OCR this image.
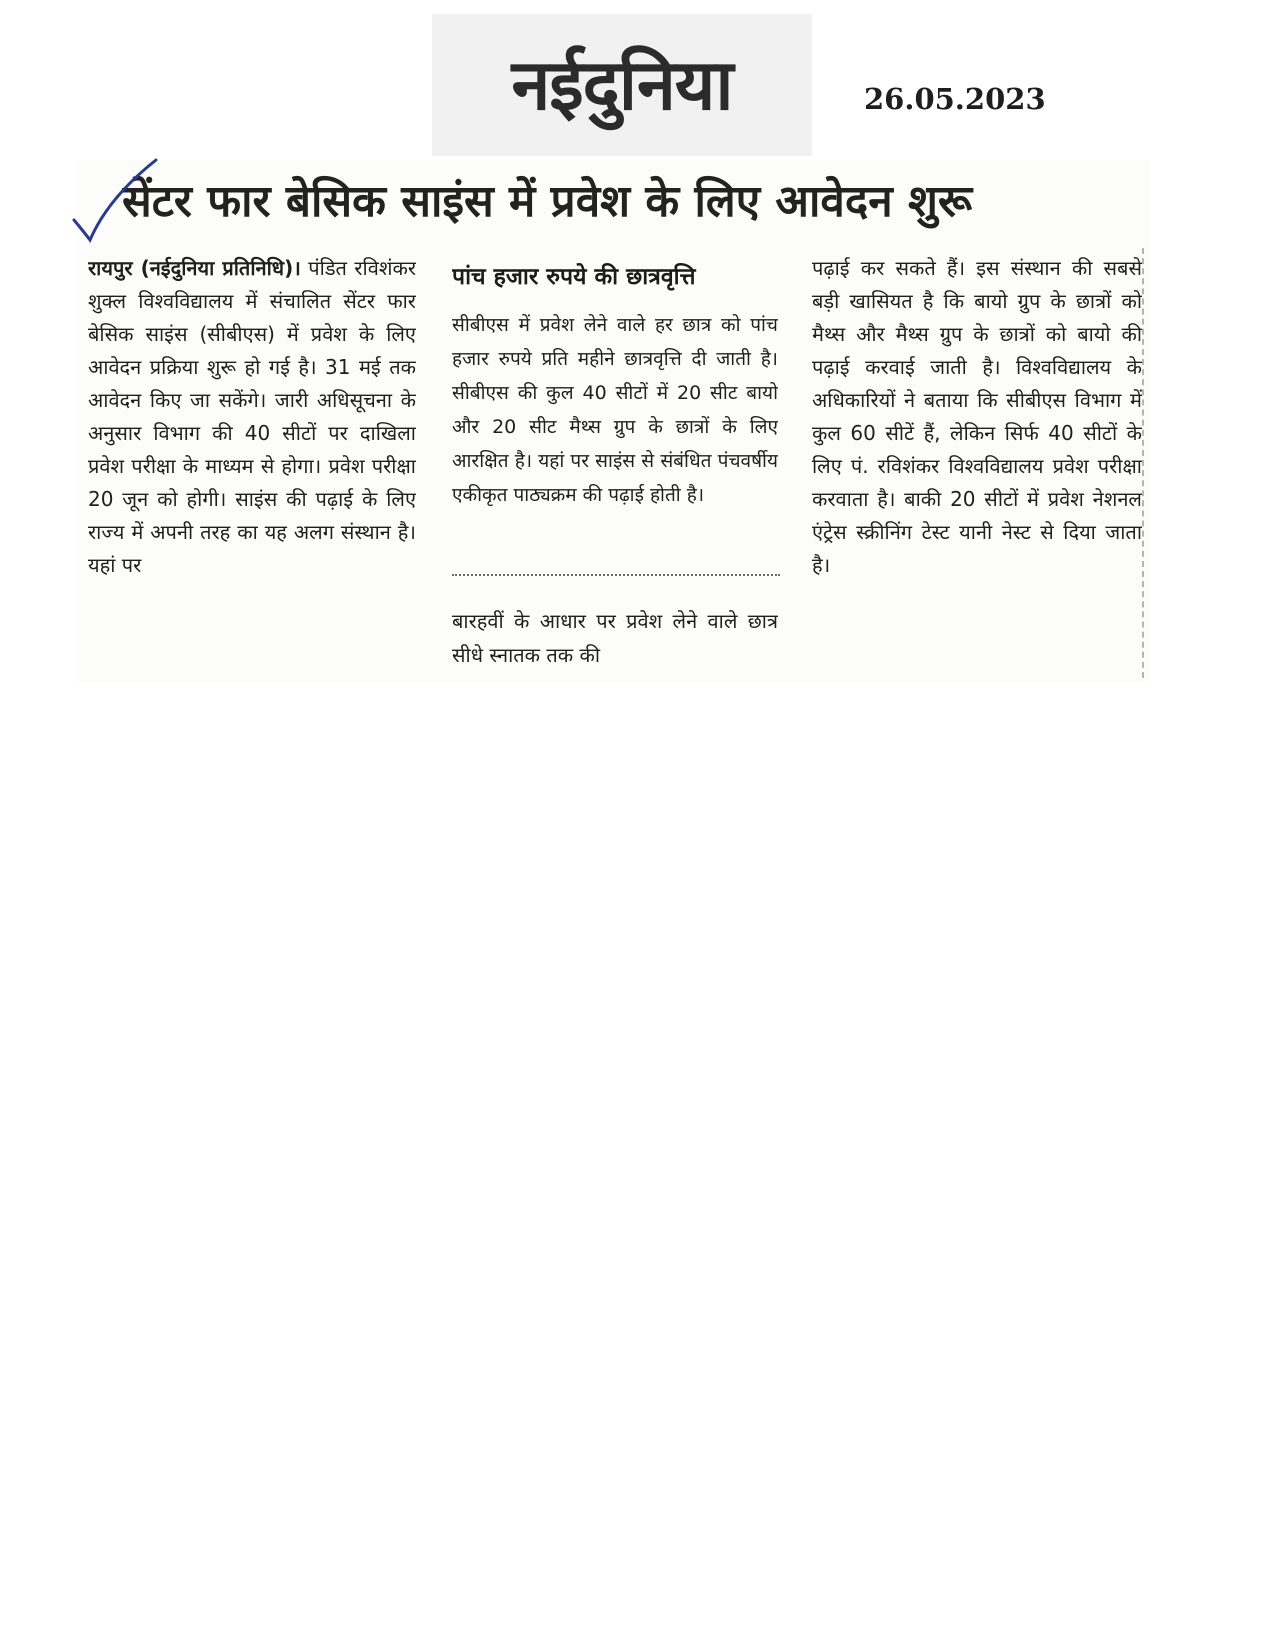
नईदुनिया	26.05.2023
सेंटर फार बेसिक साइंस में प्रवेश के लिए आवेदन शुरू
रायपुर (नईदुनिया प्रतिनिधि)। पंडित रविशंकर शुक्ल विश्वविद्यालय में संचालित सेंटर फार बेसिक साइंस (सीबीएस) में प्रवेश के लिए आवेदन प्रक्रिया शुरू हो गई है। 31 मई तक आवेदन किए जा सकेंगे। जारी अधिसूचना के अनुसार विभाग की 40 सीटों पर दाखिला प्रवेश परीक्षा के माध्यम से होगा। प्रवेश परीक्षा 20 जून को होगी। साइंस की पढ़ाई के लिए राज्य में अपनी तरह का यह अलग संस्थान है। यहां पर
पांच हजार रुपये की छात्रवृत्ति
सीबीएस में प्रवेश लेने वाले हर छात्र को पांच हजार रुपये प्रति महीने छात्रवृत्ति दी जाती है। सीबीएस की कुल 40 सीटों में 20 सीट बायो और 20 सीट मैथ्स ग्रुप के छात्रों के लिए आरक्षित है। यहां पर साइंस से संबंधित पंचवर्षीय एकीकृत पाठ्यक्रम की पढ़ाई होती है।
बारहवीं के आधार पर प्रवेश लेने वाले छात्र सीधे स्नातक तक की
पढ़ाई कर सकते हैं। इस संस्थान की सबसे बड़ी खासियत है कि बायो ग्रुप के छात्रों को मैथ्स और मैथ्स ग्रुप के छात्रों को बायो की पढ़ाई करवाई जाती है। विश्वविद्यालय के अधिकारियों ने बताया कि सीबीएस विभाग में कुल 60 सीटें हैं, लेकिन सिर्फ 40 सीटों के लिए पं. रविशंकर विश्वविद्यालय प्रवेश परीक्षा करवाता है। बाकी 20 सीटों में प्रवेश नेशनल एंट्रेस स्क्रीनिंग टेस्ट यानी नेस्ट से दिया जाता है।
